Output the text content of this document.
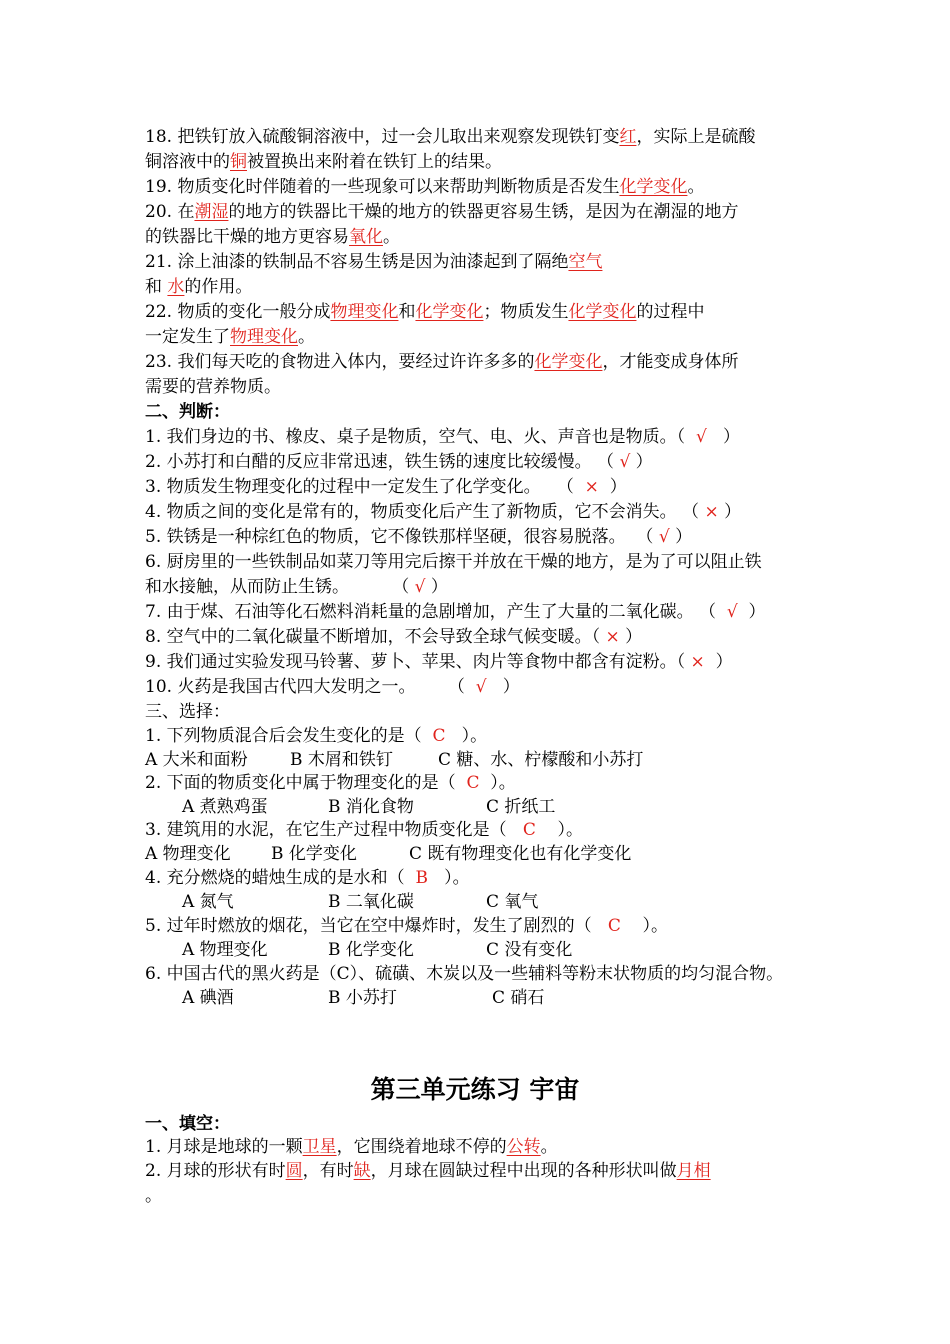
18. 把铁钉放入硫酸铜溶液中，过一会儿取出来观察发现铁钉变红，实际上是硫酸
铜溶液中的铜被置换出来附着在铁钉上的结果。
19. 物质变化时伴随着的一些现象可以来帮助判断物质是否发生化学变化。
20. 在潮湿的地方的铁器比干燥的地方的铁器更容易生锈，是因为在潮湿的地方
的铁器比干燥的地方更容易氧化。
21. 涂上油漆的铁制品不容易生锈是因为油漆起到了隔绝空气
和 水的作用。
22. 物质的变化一般分成物理变化和化学变化；物质发生化学变化的过程中
一定发生了物理变化。
23. 我们每天吃的食物进入体内，要经过许许多多的化学变化，才能变成身体所
需要的营养物质。
二、判断：
1. 我们身边的书、橡皮、桌子是物质，空气、电、火、声音也是物质。（  √   ）
2. 小苏打和白醋的反应非常迅速，铁生锈的速度比较缓慢。 （ √ ）
3. 物质发生物理变化的过程中一定发生了化学变化。   （  ×  ）
4. 物质之间的变化是常有的，物质变化后产生了新物质，它不会消失。 （ × ）
5. 铁锈是一种棕红色的物质，它不像铁那样坚硬，很容易脱落。  （ √ ）
6. 厨房里的一些铁制品如菜刀等用完后擦干并放在干燥的地方，是为了可以阻止铁
和水接触，从而防止生锈。        （ √ ）
7. 由于煤、石油等化石燃料消耗量的急剧增加，产生了大量的二氧化碳。 （  √  ）
8. 空气中的二氧化碳量不断增加，不会导致全球气候变暖。（ × ）
9. 我们通过实验发现马铃薯、萝卜、苹果、肉片等食物中都含有淀粉。（ ×  ）
10. 火药是我国古代四大发明之一。      （  √   ）
三、选择：
1. 下列物质混合后会发生变化的是（ C ）。
A 大米和面粉 B 木屑和铁钉	C 糖、水、柠檬酸和小苏打
2. 下面的物质变化中属于物理变化的是（ C ）。
A 煮熟鸡蛋	B 消化食物	C 折纸工
3. 建筑用的水泥，在它生产过程中物质变化是（ C ）。
A 物理变化 B 化学变化	C 既有物理变化也有化学变化
4. 充分燃烧的蜡烛生成的是水和（ B ）。
A 氮气	B 二氧化碳	C 氧气
5. 过年时燃放的烟花，当它在空中爆炸时，发生了剧烈的（ C ）。
A 物理变化	B 化学变化	C 没有变化
6. 中国古代的黑火药是（C）、硫磺、木炭以及一些辅料等粉末状物质的均匀混合物。
A 碘酒	B 小苏打	C 硝石
第三单元练习 宇宙
一、填空：
1. 月球是地球的一颗卫星，它围绕着地球不停的公转。
2. 月球的形状有时圆，有时缺，月球在圆缺过程中出现的各种形状叫做月相
。
